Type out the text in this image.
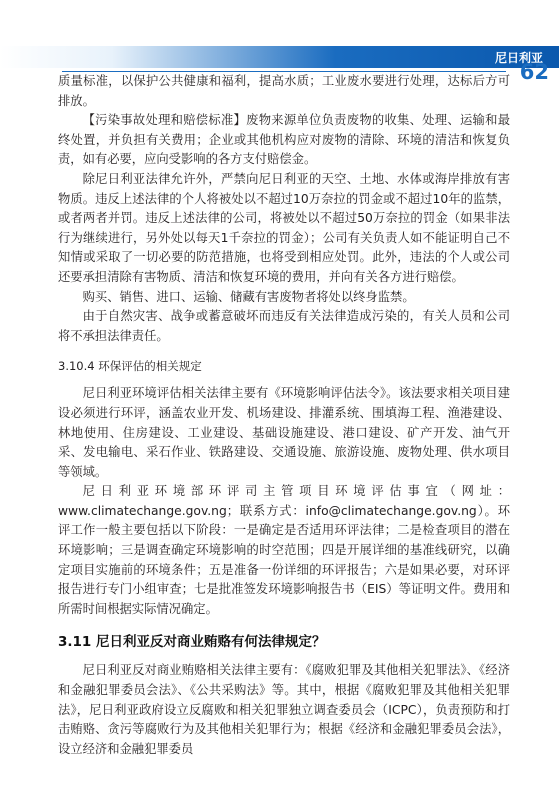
尼日利亚
62

质量标准，以保护公共健康和福利，提高水质；工业废水要进行处理，达标后方可排放。

【污染事故处理和赔偿标准】废物来源单位负责废物的收集、处理、运输和最终处置，并负担有关费用；企业或其他机构应对废物的清除、环境的清洁和恢复负责，如有必要，应向受影响的各方支付赔偿金。

除尼日利亚法律允许外，严禁向尼日利亚的天空、土地、水体或海岸排放有害物质。违反上述法律的个人将被处以不超过10万奈拉的罚金或不超过10年的监禁，或者两者并罚。违反上述法律的公司，将被处以不超过50万奈拉的罚金（如果非法行为继续进行，另外处以每天1千奈拉的罚金）；公司有关负责人如不能证明自己不知情或采取了一切必要的防范措施，也将受到相应处罚。此外，违法的个人或公司还要承担清除有害物质、清洁和恢复环境的费用，并向有关各方进行赔偿。

购买、销售、进口、运输、储藏有害废物者将处以终身监禁。

由于自然灾害、战争或蓄意破坏而违反有关法律造成污染的，有关人员和公司将不承担法律责任。

3.10.4 环保评估的相关规定

尼日利亚环境评估相关法律主要有《环境影响评估法令》。该法要求相关项目建设必须进行环评，涵盖农业开发、机场建设、排灌系统、围填海工程、渔港建设、林地使用、住房建设、工业建设、基础设施建设、港口建设、矿产开发、油气开采、发电输电、采石作业、铁路建设、交通设施、旅游设施、废物处理、供水项目等领域。

尼日利亚环境部环评司主管项目环境评估事宜（网址：www.climatechange.gov.ng；联系方式：info@climatechange.gov.ng）。环评工作一般主要包括以下阶段：一是确定是否适用环评法律；二是检查项目的潜在环境影响；三是调查确定环境影响的时空范围；四是开展详细的基准线研究，以确定项目实施前的环境条件；五是准备一份详细的环评报告；六是如果必要，对环评报告进行专门小组审查；七是批准签发环境影响报告书（EIS）等证明文件。费用和所需时间根据实际情况确定。

3.11 尼日利亚反对商业贿赂有何法律规定？

尼日利亚反对商业贿赂相关法律主要有：《腐败犯罪及其他相关犯罪法》、《经济和金融犯罪委员会法》、《公共采购法》等。其中，根据《腐败犯罪及其他相关犯罪法》，尼日利亚政府设立反腐败和相关犯罪独立调查委员会（ICPC），负责预防和打击贿赂、贪污等腐败行为及其他相关犯罪行为；根据《经济和金融犯罪委员会法》，设立经济和金融犯罪委员
